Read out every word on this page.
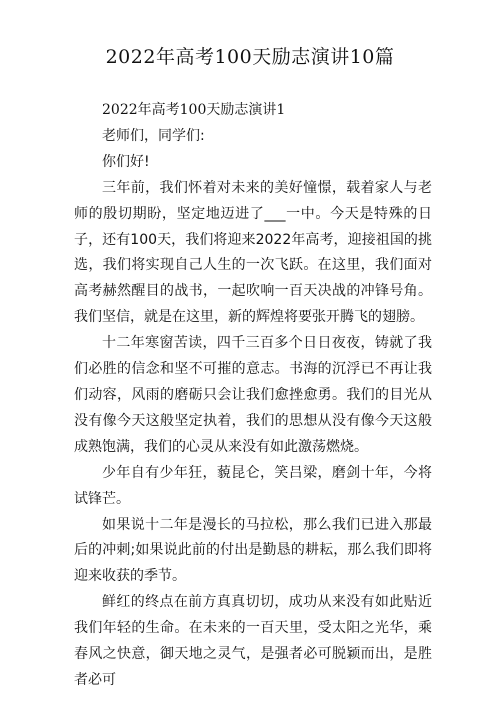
2022年高考100天励志演讲10篇

2022年高考100天励志演讲1

老师们，同学们:

你们好!

三年前，我们怀着对未来的美好憧憬，载着家人与老师的殷切期盼，坚定地迈进了___一中。今天是特殊的日子，还有100天，我们将迎来2022年高考，迎接祖国的挑选，我们将实现自己人生的一次飞跃。在这里，我们面对高考赫然醒目的战书，一起吹响一百天决战的冲锋号角。我们坚信，就是在这里，新的辉煌将要张开腾飞的翅膀。

十二年寒窗苦读，四千三百多个日日夜夜，铸就了我们必胜的信念和坚不可摧的意志。书海的沉浮已不再让我们动容，风雨的磨砺只会让我们愈挫愈勇。我们的目光从没有像今天这般坚定执着，我们的思想从没有像今天这般成熟饱满，我们的心灵从来没有如此激荡燃烧。

少年自有少年狂，藐昆仑，笑吕梁，磨剑十年，今将试锋芒。

如果说十二年是漫长的马拉松，那么我们已进入那最后的冲刺;如果说此前的付出是勤恳的耕耘，那么我们即将迎来收获的季节。

鲜红的终点在前方真真切切，成功从来没有如此贴近我们年轻的生命。在未来的一百天里，受太阳之光华，乘春风之快意，御天地之灵气，是强者必可脱颖而出，是胜者必可
